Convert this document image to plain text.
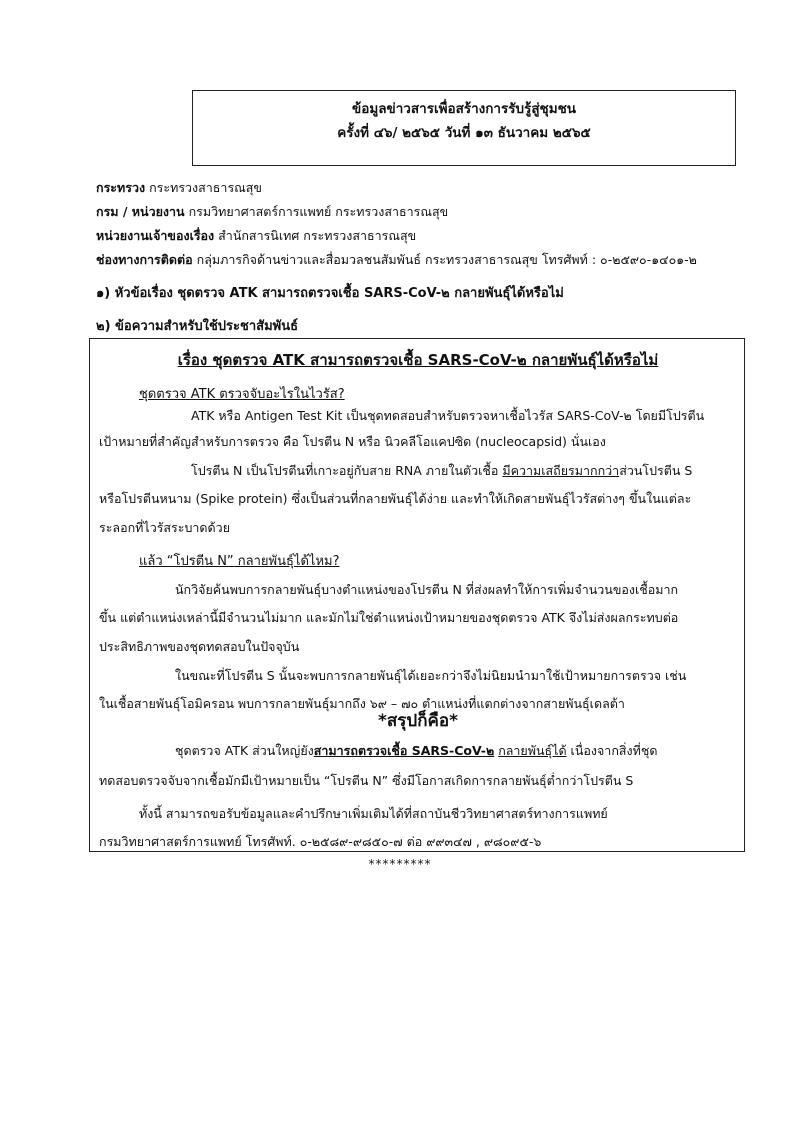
ข้อมูลข่าวสารเพื่อสร้างการรับรู้สู่ชุมชน
ครั้งที่ ๔๖/ ๒๕๖๕ วันที่ ๑๓ ธันวาคม ๒๕๖๕
กระทรวง กระทรวงสาธารณสุข
กรม / หน่วยงาน กรมวิทยาศาสตร์การแพทย์ กระทรวงสาธารณสุข
หน่วยงานเจ้าของเรื่อง สำนักสารนิเทศ กระทรวงสาธารณสุข
ช่องทางการติดต่อ กลุ่มภารกิจด้านข่าวและสื่อมวลชนสัมพันธ์ กระทรวงสาธารณสุข โทรศัพท์ : ๐-๒๕๙๐-๑๔๐๑-๒
๑) หัวข้อเรื่อง ชุดตรวจ ATK สามารถตรวจเชื้อ SARS-CoV-๒ กลายพันธุ์ได้หรือไม่
๒) ข้อความสำหรับใช้ประชาสัมพันธ์
เรื่อง ชุดตรวจ ATK สามารถตรวจเชื้อ SARS-CoV-๒ กลายพันธุ์ได้หรือไม่
ชุดตรวจ ATK ตรวจจับอะไรในไวรัส?
ATK หรือ Antigen Test Kit เป็นชุดทดสอบสำหรับตรวจหาเชื้อไวรัส SARS-CoV-๒ โดยมีโปรตีน
เป้าหมายที่สำคัญสำหรับการตรวจ คือ โปรตีน N หรือ นิวคลีโอแคปซิด (nucleocapsid) นั่นเอง
โปรตีน N เป็นโปรตีนที่เกาะอยู่กับสาย RNA ภายในตัวเชื้อ มีความเสถียรมากกว่าส่วนโปรตีน S
หรือโปรตีนหนาม (Spike protein) ซึ่งเป็นส่วนที่กลายพันธุ์ได้ง่าย และทำให้เกิดสายพันธุ์ไวรัสต่างๆ ขึ้นในแต่ละ
ระลอกที่ไวรัสระบาดด้วย
แล้ว “โปรตีน N” กลายพันธุ์ได้ไหม?
นักวิจัยค้นพบการกลายพันธุ์บางตำแหน่งของโปรตีน N ที่ส่งผลทำให้การเพิ่มจำนวนของเชื้อมาก
ขึ้น แต่ตำแหน่งเหล่านี้มีจำนวนไม่มาก และมักไม่ใช่ตำแหน่งเป้าหมายของชุดตรวจ ATK จึงไม่ส่งผลกระทบต่อ
ประสิทธิภาพของชุดทดสอบในปัจจุบัน
ในขณะที่โปรตีน S นั้นจะพบการกลายพันธุ์ได้เยอะกว่าจึงไม่นิยมนำมาใช้เป้าหมายการตรวจ เช่น
ในเชื้อสายพันธุ์โอมิครอน พบการกลายพันธุ์มากถึง ๖๙ – ๗๐ ตำแหน่งที่แตกต่างจากสายพันธุ์เดลต้า
*สรุปก็คือ*
ชุดตรวจ ATK ส่วนใหญ่ยังสามารถตรวจเชื้อ SARS-CoV-๒ กลายพันธุ์ได้ เนื่องจากสิ่งที่ชุด
ทดสอบตรวจจับจากเชื้อมักมีเป้าหมายเป็น “โปรตีน N” ซึ่งมีโอกาสเกิดการกลายพันธุ์ต่ำกว่าโปรตีน S
ทั้งนี้ สามารถขอรับข้อมูลและคำปรึกษาเพิ่มเติมได้ที่สถาบันชีววิทยาศาสตร์ทางการแพทย์
กรมวิทยาศาสตร์การแพทย์ โทรศัพท์. ๐-๒๕๘๙-๙๘๕๐-๗ ต่อ ๙๙๓๔๗ , ๙๘๐๙๕-๖
*********
